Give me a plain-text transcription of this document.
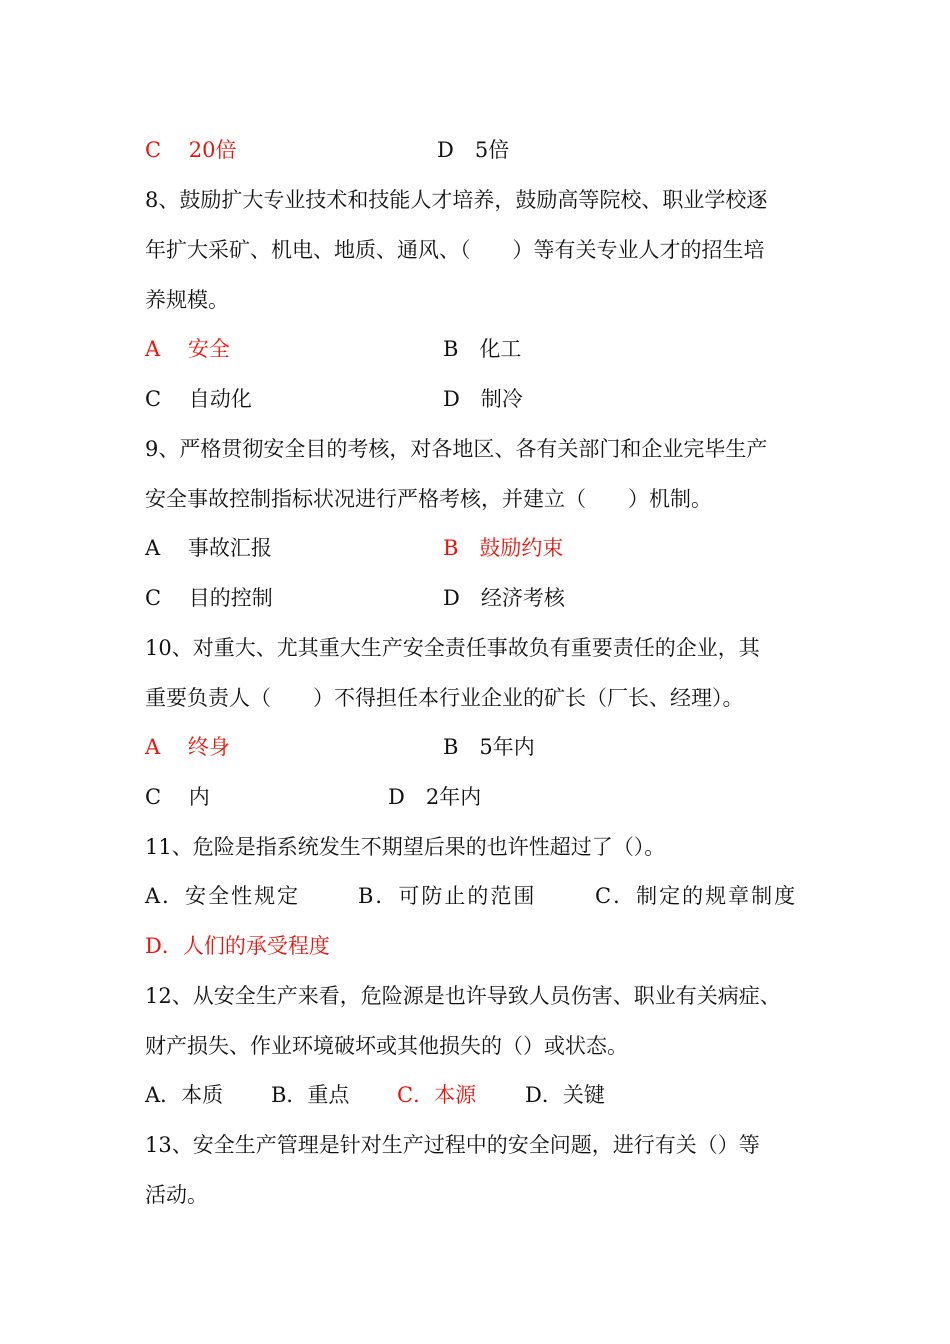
C　 20倍	D　5倍
8、鼓励扩大专业技术和技能人才培养，鼓励高等院校、职业学校逐
年扩大采矿、机电、地质、通风、（　　）等有关专业人才的招生培
养规模。
A　 安全	B　化工
C　 自动化	D　制冷
9、严格贯彻安全目的考核，对各地区、各有关部门和企业完毕生产
安全事故控制指标状况进行严格考核，并建立（　　）机制。
A　 事故汇报	B　鼓励约束
C　 目的控制	D　经济考核
10、对重大、尤其重大生产安全责任事故负有重要责任的企业，其
重要负责人（　　）不得担任本行业企业的矿长（厂长、经理）。
A　 终身	B　5年内
C　 内	D　2年内
11、危险是指系统发生不期望后果的也许性超过了（）。
A．安全性规定	B．可防止的范围	C．制定的规章制度
D．人们的承受程度
12、从安全生产来看，危险源是也许导致人员伤害、职业有关病症、
财产损失、作业环境破坏或其他损失的（）或状态。
A．本质 B．重点 C．本源 D．关键
13、安全生产管理是针对生产过程中的安全问题，进行有关（）等
活动。
